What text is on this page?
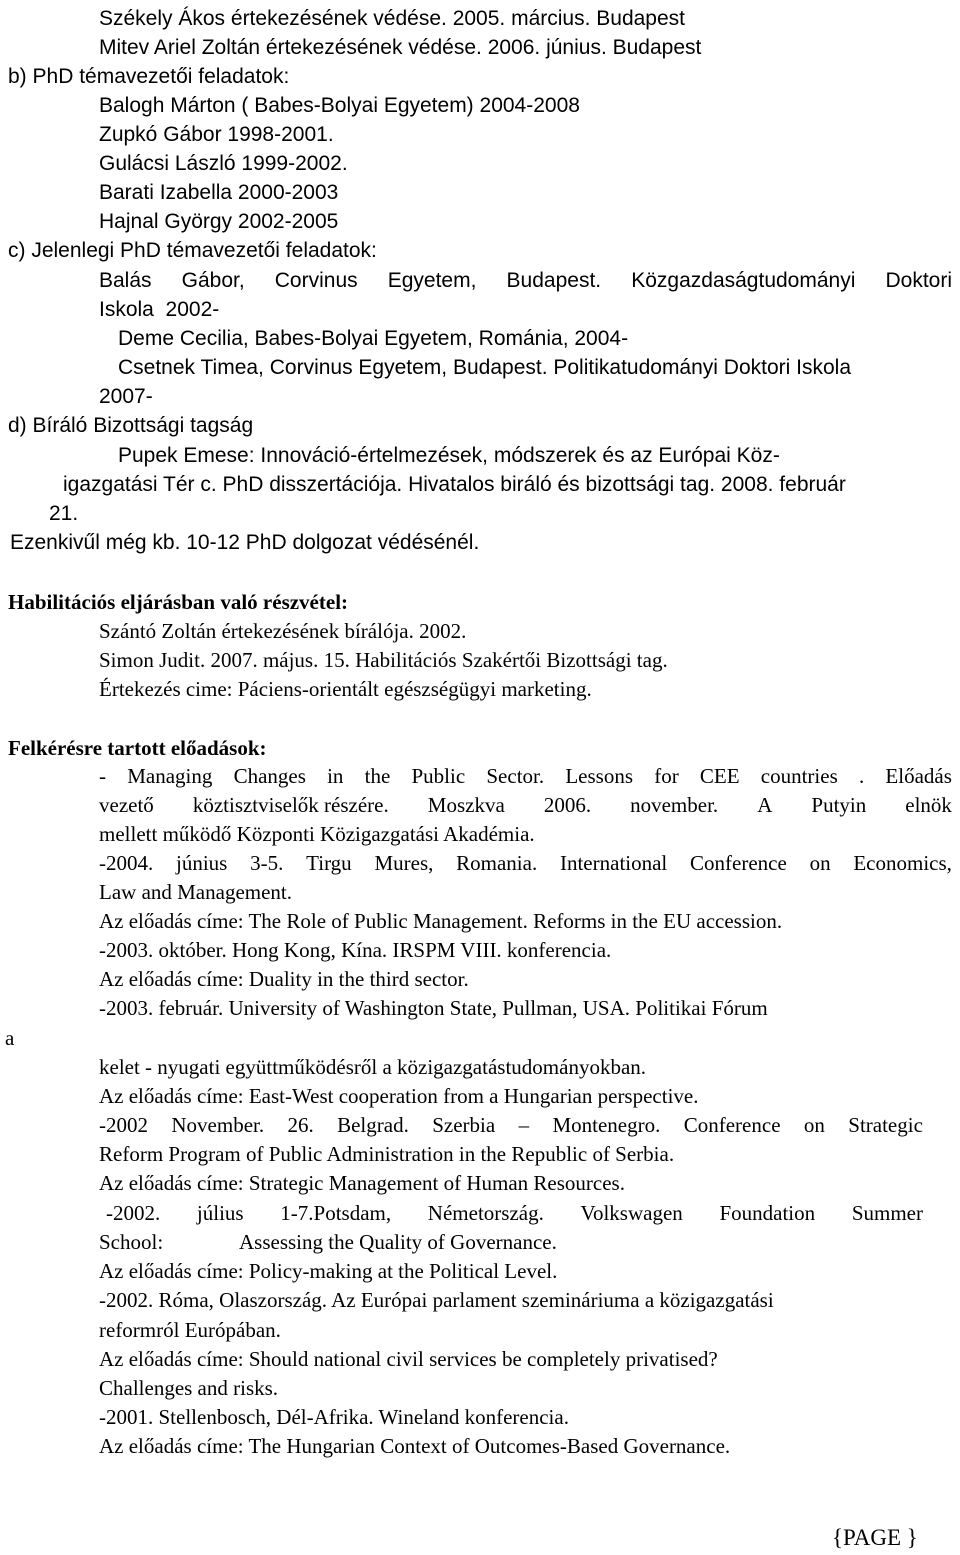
Székely Ákos értekezésének védése. 2005. március. Budapest
Mitev Ariel Zoltán értekezésének védése. 2006. június. Budapest
b) PhD témavezetői feladatok:
Balogh Márton ( Babes-Bolyai Egyetem) 2004-2008
Zupkó Gábor 1998-2001.
Gulácsi László 1999-2002.
Barati Izabella 2000-2003
Hajnal György 2002-2005
c) Jelenlegi PhD témavezetői feladatok:
Balás Gábor, Corvinus Egyetem, Budapest. Közgazdaságtudományi Doktori
Iskola  2002-
Deme Cecilia, Babes-Bolyai Egyetem, Románia, 2004-
Csetnek Timea, Corvinus Egyetem, Budapest. Politikatudományi Doktori Iskola
2007-
d) Bíráló Bizottsági tagság
Pupek Emese: Innováció-értelmezések, módszerek és az Európai Köz-
igazgatási Tér c. PhD disszertációja. Hivatalos biráló és bizottsági tag. 2008. február
21.
Ezenkivűl még kb. 10-12 PhD dolgozat védésénél.
Habilitációs eljárásban való részvétel:
Szántó Zoltán értekezésének bírálója. 2002.
Simon Judit. 2007. május. 15. Habilitációs Szakértői Bizottsági tag.
Értekezés cime: Páciens-orientált egészségügyi marketing.
Felkérésre tartott előadások:
- Managing Changes in the Public Sector. Lessons for CEE countries . Előadás
vezető köztisztviselők részére. Moszkva 2006. november. A Putyin elnök
mellett működő Központi Közigazgatási Akadémia.
-2004. június 3-5. Tirgu Mures, Romania. International Conference on Economics,
Law and Management.
Az előadás címe: The Role of Public Management. Reforms in the EU accession.
-2003. október. Hong Kong, Kína. IRSPM VIII. konferencia.
Az előadás címe: Duality in the third sector.
-2003. február. University of Washington State, Pullman, USA. Politikai Fórum
a
kelet - nyugati együttműködésről a közigazgatástudományokban.
Az előadás címe: East-West cooperation from a Hungarian perspective.
-2002 November. 26. Belgrad. Szerbia – Montenegro. Conference on Strategic
Reform Program of Public Administration in the Republic of Serbia.
Az előadás címe: Strategic Management of Human Resources.
-2002. július 1-7.Potsdam, Németország. Volkswagen Foundation Summer
School:	Assessing the Quality of Governance.
Az előadás címe: Policy-making at the Political Level.
-2002. Róma, Olaszország. Az Európai parlament szemináriuma a közigazgatási
reformról Európában.
Az előadás címe: Should national civil services be completely privatised?
Challenges and risks.
-2001. Stellenbosch, Dél-Afrika. Wineland konferencia.
Az előadás címe: The Hungarian Context of Outcomes-Based Governance.
{PAGE }
